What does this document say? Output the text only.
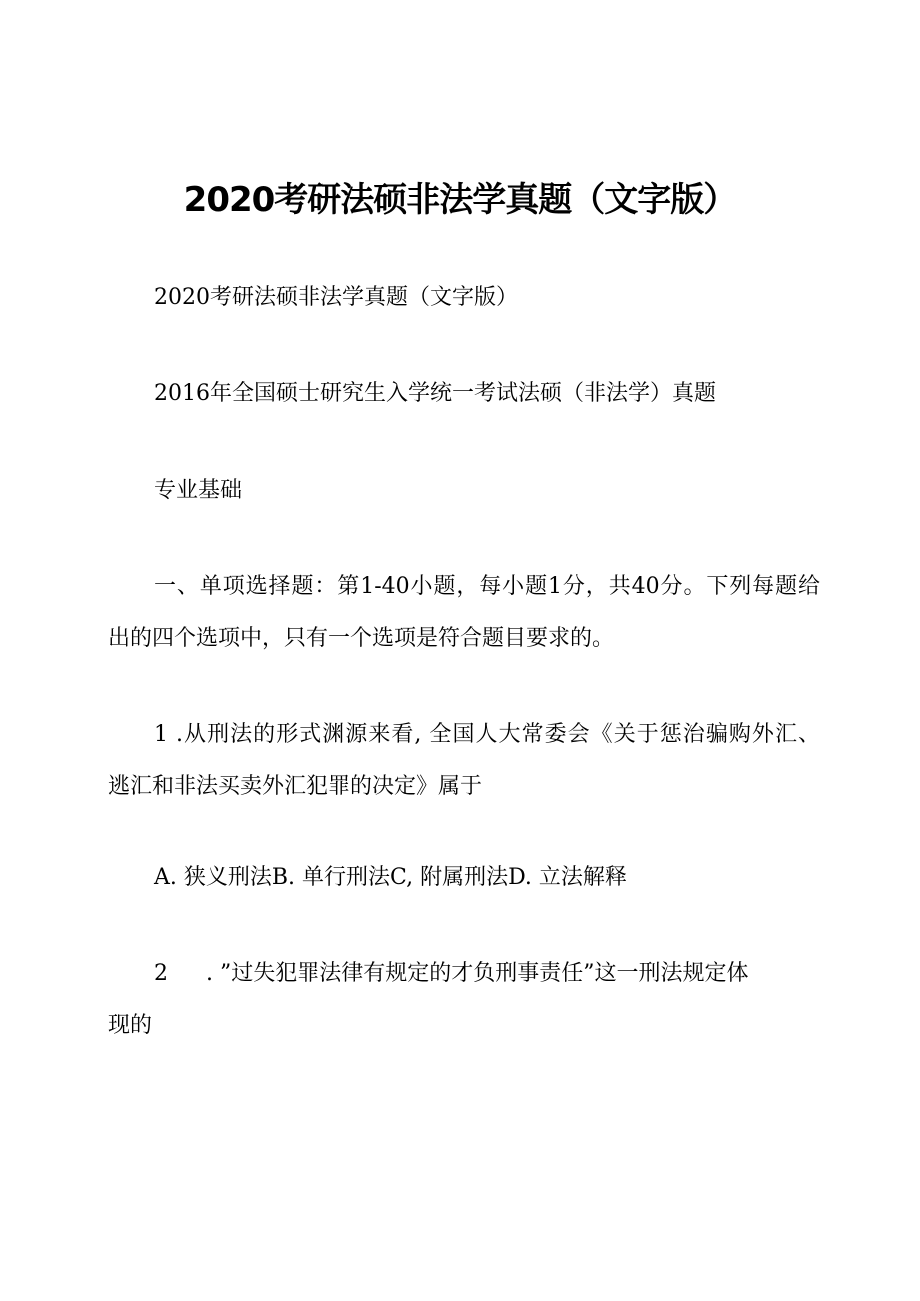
2020考研法硕非法学真题（文字版）

2020考研法硕非法学真题（文字版）

2016年全国硕士研究生入学统一考试法硕（非法学）真题

专业基础

一、单项选择题：第1-40小题，每小题1分，共40分。下列每题给
出的四个选项中，只有一个选项是符合题目要求的。

1 .从刑法的形式渊源来看, 全国人大常委会《关于惩治骗购外汇、
逃汇和非法买卖外汇犯罪的决定》属于

A. 狭义刑法B. 单行刑法C, 附属刑法D. 立法解释

2 . ”过失犯罪法律有规定的才负刑事责任”这一刑法规定体
现的
